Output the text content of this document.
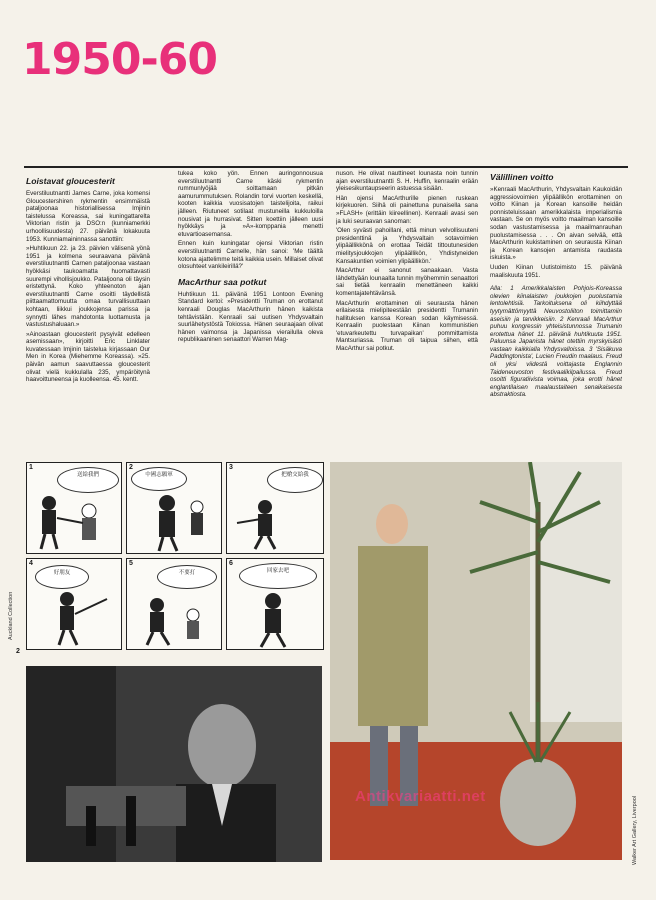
1950-60
Loistavat gloucesterit

Everstiluutnantti James Carne, joka komensi Gloucestershiren rykmentin ensimmäistä pataljoonaa historiallisessa Imjinin taistelussa Koreassa, sai kuningattarelta Viktorian ristin ja DSO:n (kunniamerkki urhoollisuudesta) 27. päivänä lokakuuta 1953. Kunniamaininnassa sanottiin:

»Huhtikuun 22. ja 23. päivien välisenä yönä 1951 ja kolmena seuraavana päivänä everstiluutnantti Carnen pataljoonaa vastaan hyökkäsi taukoamatta huomattavasti suurempi vihollisjoukko. Pataljoona oli täysin eristettynä. Koko yhteenoton ajan everstiluutnantti Carne osoitti täydellistä piittaamattomuutta omaa turvallisuuttaan kohtaan, liikkui joukkojensa parissa ja synnytti lähes mahdotonta luottamusta ja vastustushaluaan.»

»Ainoastaan gloucesterit pysyivät edelleen asemissaan», kirjoitti Eric Linklater kuvatessaan Imjinin taistelua kirjassaan Our Men in Korea (Miehemme Koreassa). »25. päivän aamun saavuttaessa gloucesterit olivat vielä kukkulalla 235, ympäröitynä haavoittuneensa ja kuolleensa. 45. kentt.

tukea koko yön. Ennen auringonnousua everstiluutnantti Carne käski rykmentin rummunlyöjää soittamaan pitkän aamurummutuksen. Rolandin torvi vuorten keskellä, kooten kaikkia vuosisatojen taistelijoita, raikui jälleen. Riutuneet sotilaat mustuneilla kukkuloilla nousivat ja hurrasivat. Sitten koettiin jälleen uusi hyökkäys ja »A»-komppania menetti etuvartioasemansa.

Ennen kuin kuningatar ojensi Viktorian ristin everstiluutnantti Carnelle, hän sanoi: 'Me täältä kotona ajattelimme teitä kaikkia usein. Millaiset olivat olosuhteet vankileirillä?'

MacArthur saa potkut

Huhtikuun 11. päivänä 1951 Lontoon Evening Standard kertoi: »Presidentti Truman on erottanut kenraali Douglas MacArthurin hänen kaikista tehtävistään. Kenraali sai uutisen Yhdysvaltain suurlähetystöstä Tokiossa. Hänen seuraajaan olivat hänen vaimonsa ja Japanissa vierailulla oleva republikaaninen senaattori Warren Mag-

nuson. He olivat nauttineet lounasta noin tunnin ajan everstiluutnantti S. H. Huffin, kenraalin erään yleisesikuntaupseerin astuessa sisään.

Hän ojensi MacArthurille pienen ruskean kirjekuoren. Siihä oli painettuna punaisella sana »FLASH» (erittäin kiireellinen). Kenraali avasi sen ja luki seuraavan sanoman:

'Olen syvästi pahoillani, että minun velvollisuuteni presidenttinä ja Yhdysvaltain sotavoimien ylipäällikkönä on erottaa Teidät tittoutunesiden mielitysjoukkojen ylipäällikön, Yhdistyneiden Kansakuntien voimien ylipäällikön.'

MacArthur ei sanonut sanaakaan. Vasta lähdettyään lounaalta tunnin myöhemmin senaattori sai tietää kenraalin menettäneen kaikki komentajatehtävänsä.

MacArthurin erottaminen oli seurausta hänen erilaisesta mielipiteestään presidentti Trumanin hallituksen kanssa Korean sodan käymisessä. Kenraalin puolestaan Kiinan kommunistien 'etuvarkeutettu turvapaikan' pommittamista Mantsuriassa. Truman oli taipua siihen, että MacArthur sai potkut.

Välillinen voitto

»Kenraali MacArthurin, Yhdysvaltain Kaukoidän aggressiovoimien ylipäällikön erottaminen on voitto Kiinan ja Korean kansoille heidän ponnisteluissaan amerikkalaista imperialismia vastaan. Se on myös voitto maailman kansoille sodan vastustamisessa ja maailmanrauhan puolustamisessa . . . On aivan selvää, että MacArthurin kukistaminen on seurausta Kiinan ja Korean kansojen antamista raudasta iskuista.»

Uuden Kiinan Uutistoimisto 15. päivänä maaliskuuta 1951.

Alla: 1 Amerikkalaisten Pohjois-Koreassa olevien kiinalaisten joukkojen puolustamia lentolehtisiä. Tarkoituksena oli kiihdyttää tyytymättömyyttä Neuvostoliiton toimittamiin aseisiin ja tarvikkeisiin. 2 Kenraali MacArthur puhuu kongressin yhteisistunnossa Trumanin erotettua hänet 11. päivänä huhtikuuta 1951. Paluunsa Japanista hänet otettiin myrskyisästi vastaan kaikkialla Yhdysvalloissa. 3 'Sisäkuva Paddingtonista', Lucien Freudin maalaus. Freud oli yksi viidestä voittajasta Englannin Taideneuvoston festivaalikilpailussa. Freud osoitti figuratiivista voimaa, joka erotti hänet englantilaisen maalaustaiteen senaikaisesta abstraktiosta.

1
送給我們
2
中國志願軍
3
把槍交給我
4
好朋友
5
不要打
6
回家去吧
Auckland Collection
2
Antikvariaatti.net	Walker Art Gallery, Liverpool
